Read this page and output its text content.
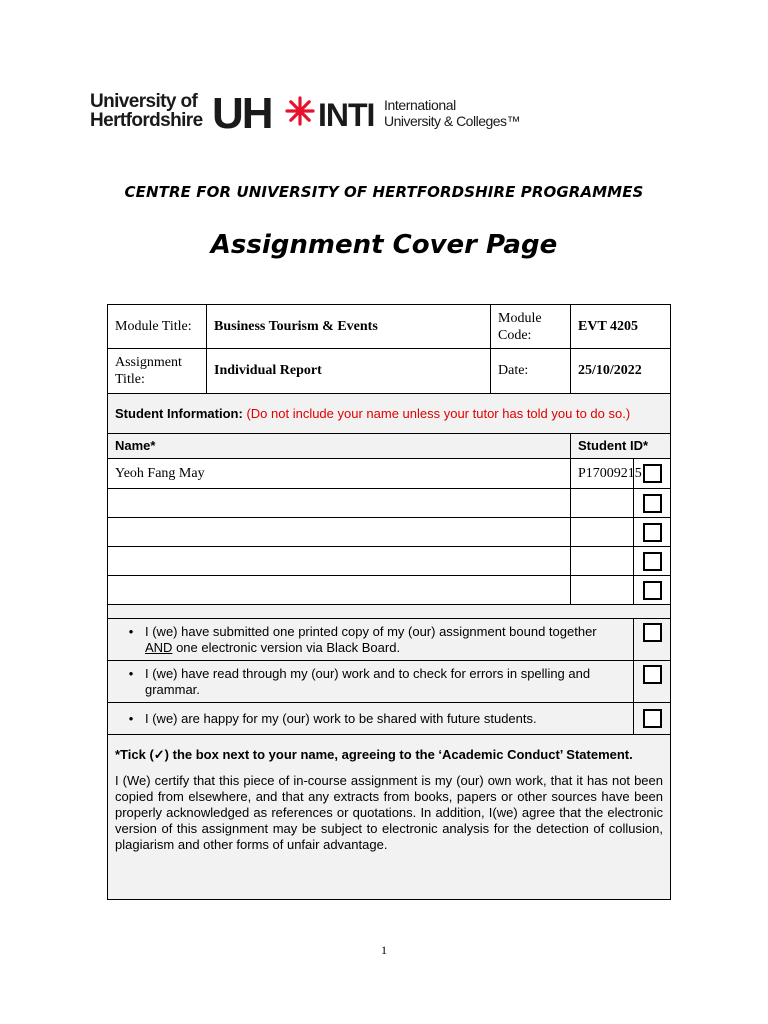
University of
Hertfordshire UH INTI International
University & Colleges™
CENTRE FOR UNIVERSITY OF HERTFORDSHIRE PROGRAMMES
Assignment Cover Page
Module Title:	Business Tourism & Events	Module Code:	EVT 4205	
Assignment Title:	Individual Report	Date:	25/10/2022	
Student Information: (Do not include your name unless your tutor has told you to do so.)				
Name*			Student ID*	
Yeoh Fang May			P17009215	

• I (we) have submitted one printed copy of my (our) assignment bound together AND one electronic version via Black Board.				

• I (we) have read through my (our) work and to check for errors in spelling and grammar.				

• I (we) are happy for my (our) work to be shared with future students.				

*Tick (✓) the box next to your name, agreeing to the ‘Academic Conduct’ Statement.

I (We) certify that this piece of in-course assignment is my (our) own work, that it has not been copied from elsewhere, and that any extracts from books, papers or other sources have been properly acknowledged as references or quotations. In addition, I(we) agree that the electronic version of this assignment may be subject to electronic analysis for the detection of collusion, plagiarism and other forms of unfair advantage.				

1
